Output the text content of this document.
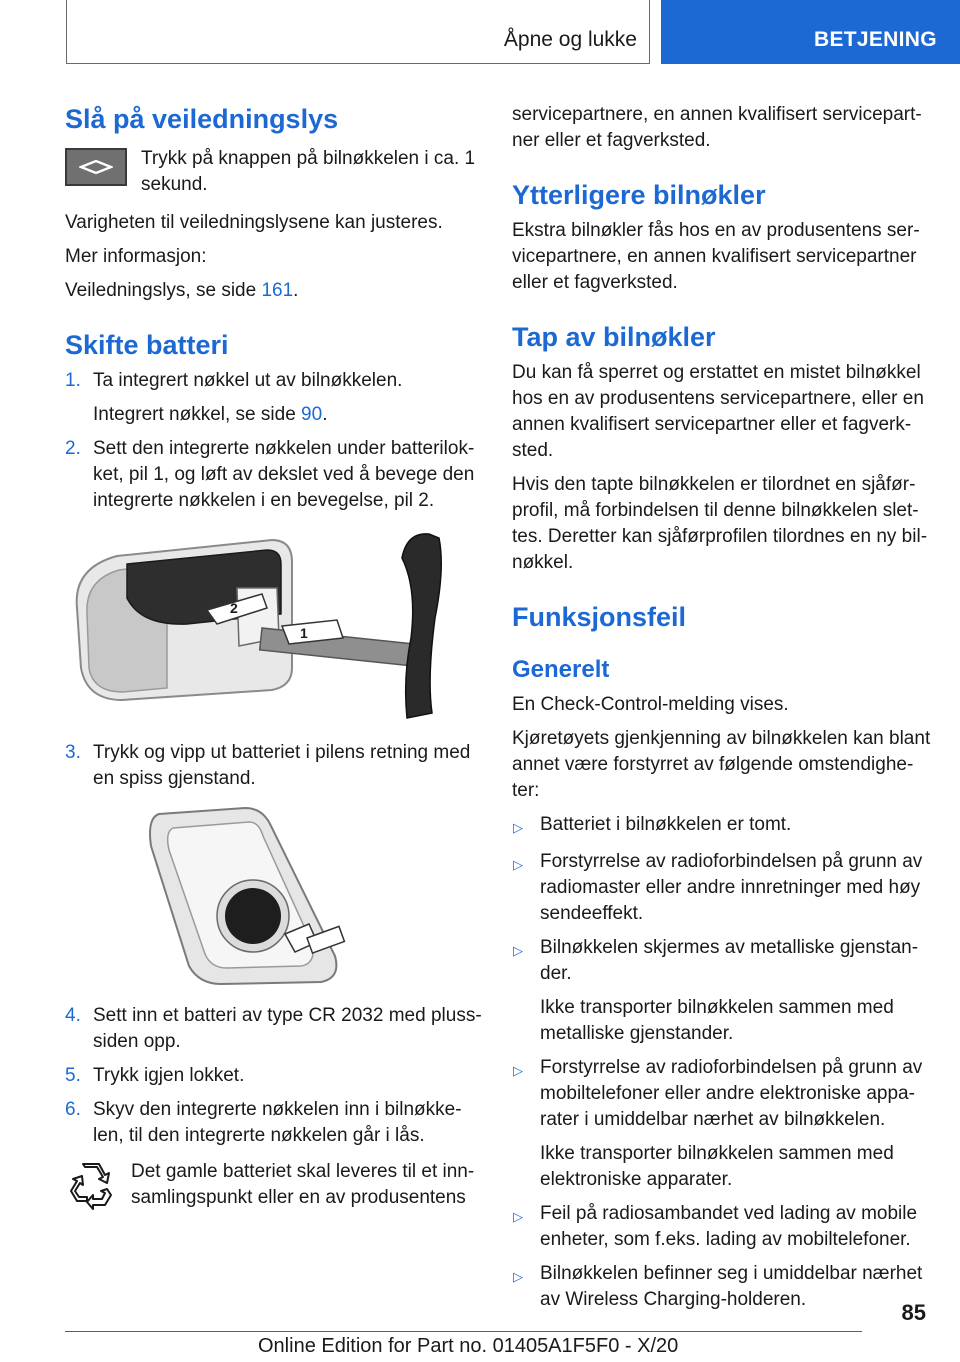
Åpne og lukke	BETJENING
Slå på veiledningslys

Trykk på knappen på bilnøkkelen i ca. 1 sekund.

Varigheten til veiledningslysene kan justeres.

Mer informasjon:

Veiledningslys, se side 161.

Skifte batteri
1. Ta integrert nøkkel ut av bilnøkkelen.
Integrert nøkkel, se side 90.
2. Sett den integrerte nøkkelen under batterilokket, pil 1, og løft av dekslet ved å bevege den integrerte nøkkelen i en bevegelse, pil 2.
2
1
3. Trykk og vipp ut batteriet i pilens retning med en spiss gjenstand.
4. Sett inn et batteri av type CR 2032 med pluss-siden opp.
5. Trykk igjen lokket.
6. Skyv den integrerte nøkkelen inn i bilnøkkelen, til den integrerte nøkkelen går i lås.

Det gamle batteriet skal leveres til et innsamlingspunkt eller en av produsentens

servicepartnere, en annen kvalifisert servicepartner eller et fagverksted.

Ytterligere bilnøkler

Ekstra bilnøkler fås hos en av produsentens servicepartnere, en annen kvalifisert servicepartner eller et fagverksted.

Tap av bilnøkler

Du kan få sperret og erstattet en mistet bilnøkkel hos en av produsentens servicepartnere, eller en annen kvalifisert servicepartner eller et fagverksted.

Hvis den tapte bilnøkkelen er tilordnet en sjåførprofil, må forbindelsen til denne bilnøkkelen slettes. Deretter kan sjåførprofilen tilordnes en ny bilnøkkel.

Funksjonsfeil
Generelt

En Check-Control-melding vises.

Kjøretøyets gjenkjenning av bilnøkkelen kan blant annet være forstyrret av følgende omstendigheter:

▷ Batteriet i bilnøkkelen er tomt.
▷ Forstyrrelse av radioforbindelsen på grunn av radiomaster eller andre innretninger med høy sendeeffekt.
▷ Bilnøkkelen skjermes av metalliske gjenstander.
Ikke transporter bilnøkkelen sammen med metalliske gjenstander.
▷ Forstyrrelse av radioforbindelsen på grunn av mobiltelefoner eller andre elektroniske apparater i umiddelbar nærhet av bilnøkkelen.
Ikke transporter bilnøkkelen sammen med elektroniske apparater.
▷ Feil på radiosambandet ved lading av mobile enheter, som f.eks. lading av mobiltelefoner.
▷ Bilnøkkelen befinner seg i umiddelbar nærhet av Wireless Charging-holderen.
85
Online Edition for Part no. 01405A1F5F0 - X/20
